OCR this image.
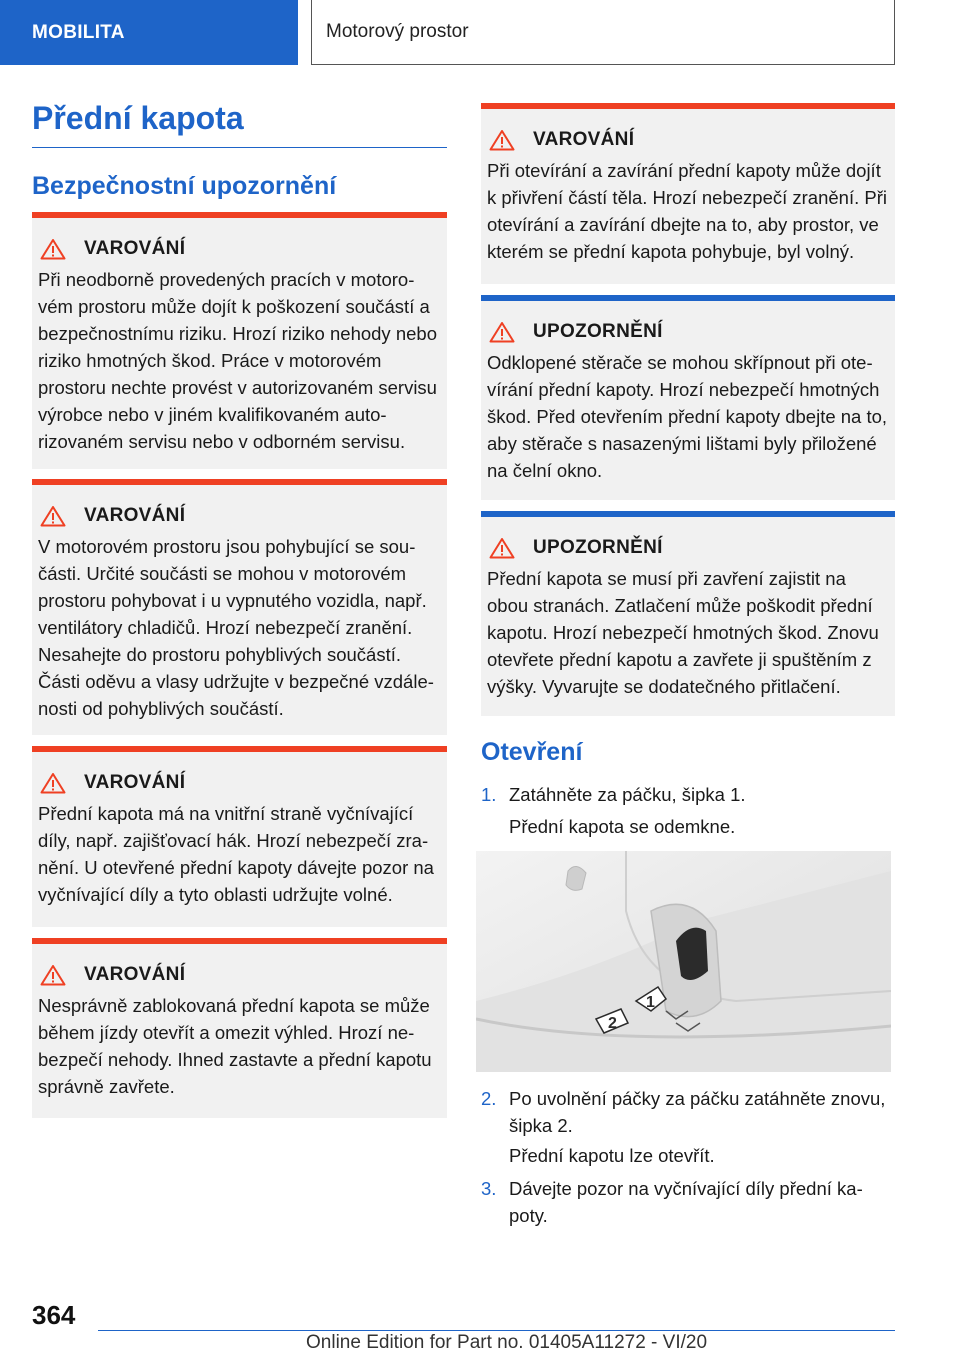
MOBILITA	Motorový prostor
Přední kapota
Bezpečnostní upozornění
VAROVÁNÍ
Při neodborně provedených pracích v motorovém prostoru může dojít k poškození součástí a bezpečnostnímu riziku. Hrozí riziko nehody nebo riziko hmotných škod. Práce v motorovém prostoru nechte provést v autorizovaném servisu výrobce nebo v jiném kvalifikovaném autorizovaném servisu nebo v odborném servisu.
VAROVÁNÍ
V motorovém prostoru jsou pohybující se součásti. Určité součásti se mohou v motorovém prostoru pohybovat i u vypnutého vozidla, např. ventilátory chladičů. Hrozí nebezpečí zranění. Nesahejte do prostoru pohyblivých součástí. Části oděvu a vlasy udržujte v bezpečné vzdálenosti od pohyblivých součástí.
VAROVÁNÍ
Přední kapota má na vnitřní straně vyčnívající díly, např. zajišťovací hák. Hrozí nebezpečí zranění. U otevřené přední kapoty dávejte pozor na vyčnívající díly a tyto oblasti udržujte volné.
VAROVÁNÍ
Nesprávně zablokovaná přední kapota se může během jízdy otevřít a omezit výhled. Hrozí nebezpečí nehody. Ihned zastavte a přední kapotu správně zavřete.
VAROVÁNÍ
Při otevírání a zavírání přední kapoty může dojít k přivření částí těla. Hrozí nebezpečí zranění. Při otevírání a zavírání dbejte na to, aby prostor, ve kterém se přední kapota pohybuje, byl volný.
UPOZORNĚNÍ
Odklopené stěrače se mohou skřípnout při otevírání přední kapoty. Hrozí nebezpečí hmotných škod. Před otevřením přední kapoty dbejte na to, aby stěrače s nasazenými lištami byly přiložené na čelní okno.
UPOZORNĚNÍ
Přední kapota se musí při zavření zajistit na obou stranách. Zatlačení může poškodit přední kapotu. Hrozí nebezpečí hmotných škod. Znovu otevřete přední kapotu a zavřete ji spuštěním z výšky. Vyvarujte se dodatečného přitlačení.
Otevření
1. Zatáhněte za páčku, šipka 1.
Přední kapota se odemkne.
1
2
2. Po uvolnění páčky za páčku zatáhněte znovu, šipka 2.
Přední kapotu lze otevřít.
3. Dávejte pozor na vyčnívající díly přední kapoty.
364
Online Edition for Part no. 01405A11272 - VI/20
